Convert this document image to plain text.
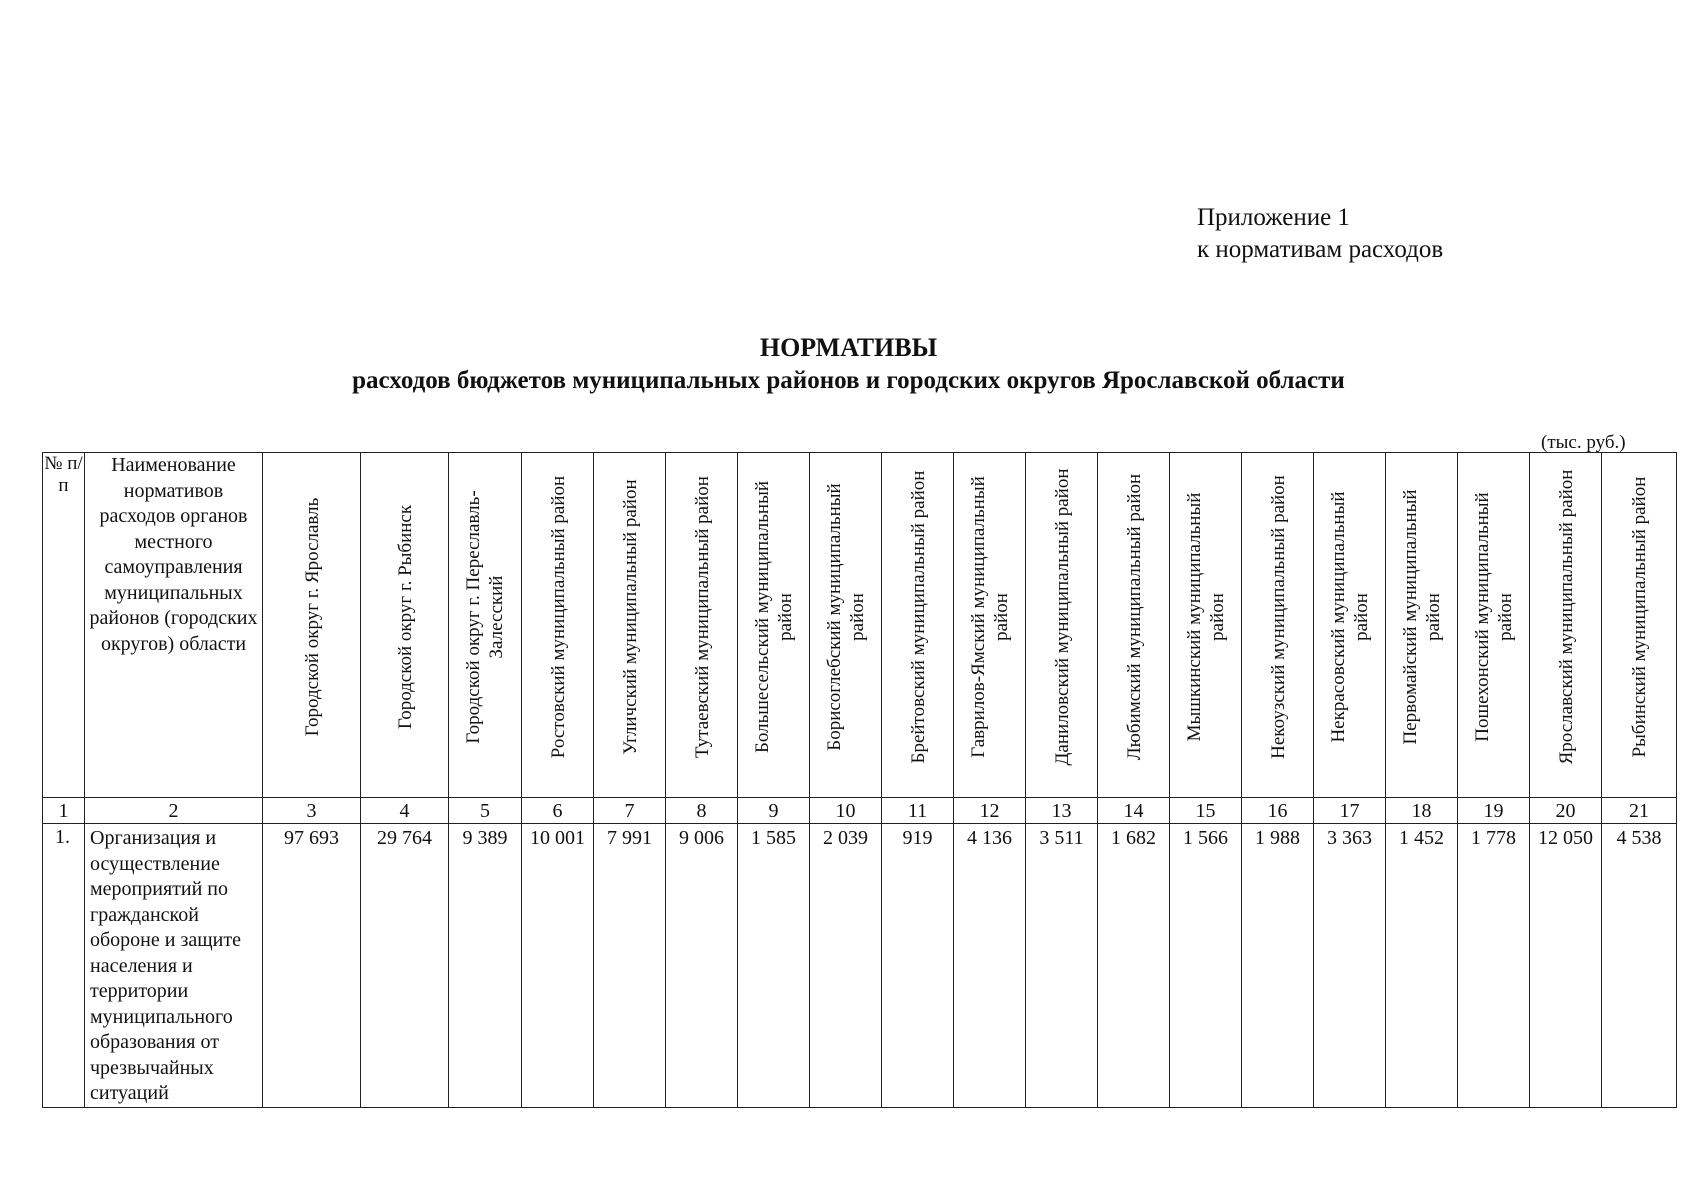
Приложение 1
к нормативам расходов
НОРМАТИВЫ
расходов бюджетов муниципальных районов и городских округов Ярославской области
(тыс. руб.)
№ п/п	Наименование нормативов расходов органов местного самоуправления муниципальных районов (городских округов) области	Городской округ г. Ярославль	Городской округ г. Рыбинск	Городской округ г. Переславль-Залесский	Ростовский муниципальный район	Угличский муниципальный район	Тутаевский муниципальный район	Большесельский муниципальный район	Борисоглебский муниципальный район	Брейтовский муниципальный район	Гаврилов-Ямский муниципальный район	Даниловский муниципальный район	Любимский муниципальный район	Мышкинский муниципальный район	Некоузский муниципальный район	Некрасовский муниципальный район	Первомайский муниципальный район	Пошехонский муниципальный район	Ярославский муниципальный район	Рыбинский муниципальный район

1	2	3	4	5	6	7	8	9	10	11	12	13	14	15	16	17	18	19	20	21
1.	Организация и осуществление мероприятий по гражданской обороне и защите населения и территории муниципального образования от чрезвычайных ситуаций	97 693	29 764	9 389	10 001	7 991	9 006	1 585	2 039	919	4 136	3 511	1 682	1 566	1 988	3 363	1 452	1 778	12 050	4 538
